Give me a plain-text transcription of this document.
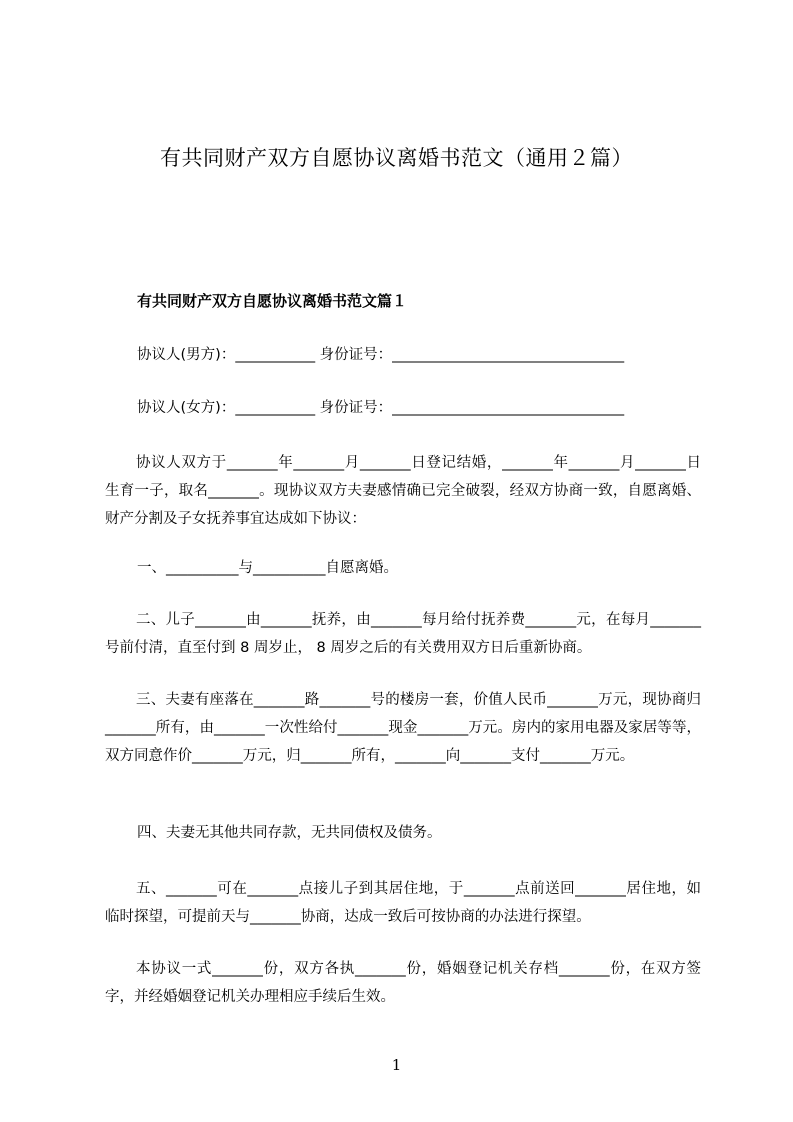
有共同财产双方自愿协议离婚书范文（通用２篇）
有共同财产双方自愿协议离婚书范文篇１
协议人(男方)：___________ 身份证号：________________________________
协议人(女方)：___________ 身份证号：________________________________
协议人双方于_______年_______月_______日登记结婚，_______年_______月_______日生育一子，取名_______。现协议双方夫妻感情确已完全破裂，经双方协商一致，自愿离婚、财产分割及子女抚养事宜达成如下协议：
一、__________与__________自愿离婚。
二、儿子_______由_______抚养，由_______每月给付抚养费_______元，在每月_______号前付清，直至付到 8 周岁止， 8 周岁之后的有关费用双方日后重新协商。
三、夫妻有座落在_______路_______号的楼房一套，价值人民币_______万元，现协商归_______所有，由_______一次性给付_______现金_______万元。房内的家用电器及家居等等，双方同意作价_______万元，归_______所有，_______向_______支付_______万元。
四、夫妻无其他共同存款，无共同债权及债务。
五、_______可在_______点接儿子到其居住地，于_______点前送回_______居住地，如临时探望，可提前天与_______协商，达成一致后可按协商的办法进行探望。
本协议一式_______份，双方各执_______份，婚姻登记机关存档_______份，在双方签字，并经婚姻登记机关办理相应手续后生效。
1
